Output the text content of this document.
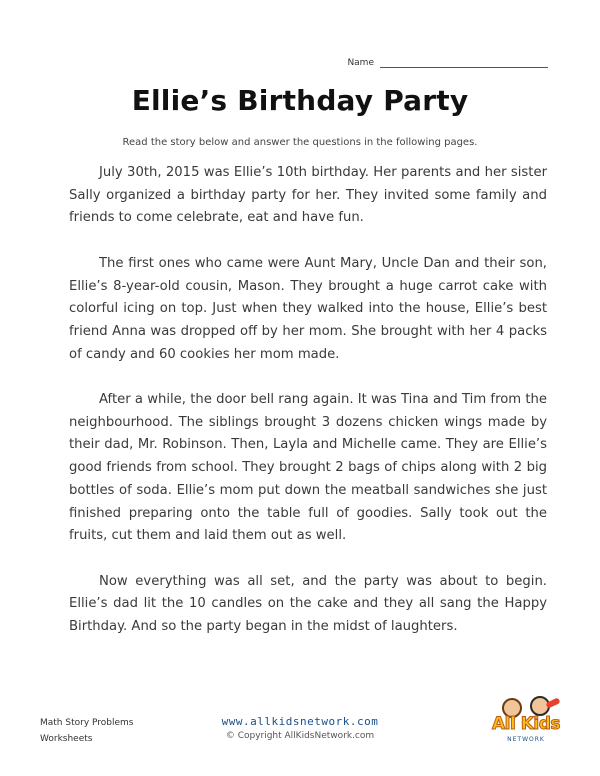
Name
Ellie’s Birthday Party
Read the story below and answer the questions in the following pages.

July 30th, 2015 was Ellie’s 10th birthday. Her parents and her sister Sally organized a birthday party for her. They invited some family and friends to come celebrate, eat and have fun.

The first ones who came were Aunt Mary, Uncle Dan and their son, Ellie’s 8-year-old cousin, Mason. They brought a huge carrot cake with colorful icing on top. Just when they walked into the house, Ellie’s best friend Anna was dropped off by her mom. She brought with her 4 packs of candy and 60 cookies her mom made.

After a while, the door bell rang again. It was Tina and Tim from the neighbourhood. The siblings brought 3 dozens chicken wings made by their dad, Mr. Robinson. Then, Layla and Michelle came. They are Ellie’s good friends from school. They brought 2 bags of chips along with 2 big bottles of soda. Ellie’s mom put down the meatball sandwiches she just finished preparing onto the table full of goodies. Sally took out the fruits, cut them and laid them out as well.

Now everything was all set, and the party was about to begin. Ellie’s dad lit the 10 candles on the cake and they all sang the Happy Birthday. And so the party began in the midst of laughters.

Math Story Problems
Worksheets
www.allkidsnetwork.com
© Copyright AllKidsNetwork.com
All Kids
NETWORK
